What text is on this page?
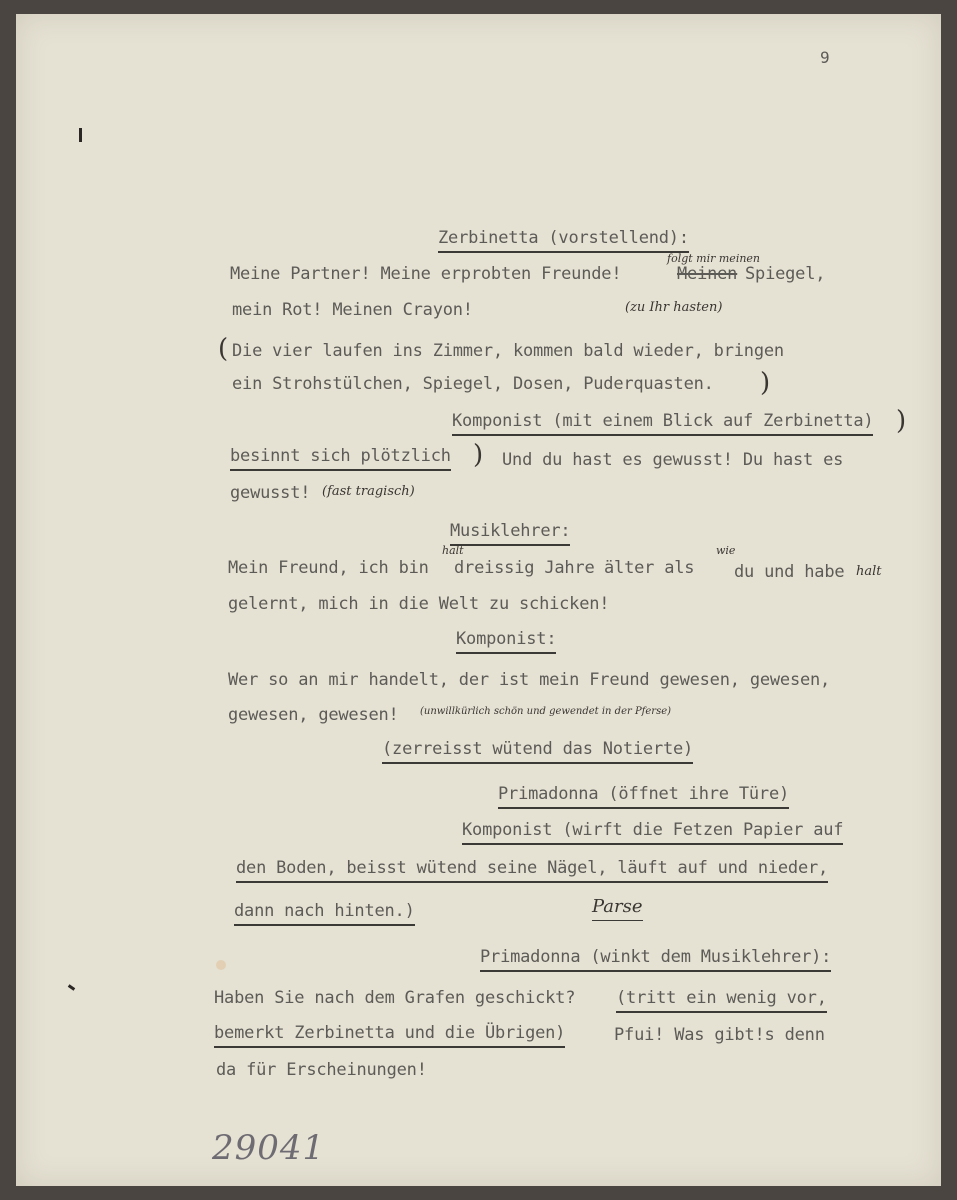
9
Zerbinetta (vorstellend):
Meine Partner! Meine erprobten Freunde!	Meinen Spiegel,
folgt mir meinen
mein Rot! Meinen Crayon!	(zu Ihr hasten)
( Die vier laufen ins Zimmer, kommen bald wieder, bringen
ein Strohstülchen, Spiegel, Dosen, Puderquasten. )
Komponist (mit einem Blick auf Zerbinetta) )
besinnt sich plötzlich ) Und du hast es gewusst! Du hast es
gewusst! (fast tragisch)
Musiklehrer:
Mein Freund, ich bin dreissig Jahre älter als du und habe
halt	wie
halt
gelernt, mich in die Welt zu schicken!
Komponist:
Wer so an mir handelt, der ist mein Freund gewesen, gewesen,
gewesen, gewesen! (unwillkürlich schön und gewendet in der Pferse)
(zerreisst wütend das Notierte)
Primadonna (öffnet ihre Türe)
Komponist (wirft die Fetzen Papier auf
den Boden, beisst wütend seine Nägel, läuft auf und nieder,
dann nach hinten.)	Parse
Primadonna (winkt dem Musiklehrer):
Haben Sie nach dem Grafen geschickt? (tritt ein wenig vor,
bemerkt Zerbinetta und die Übrigen)	Pfui! Was gibt!s denn
da für Erscheinungen!
29041
